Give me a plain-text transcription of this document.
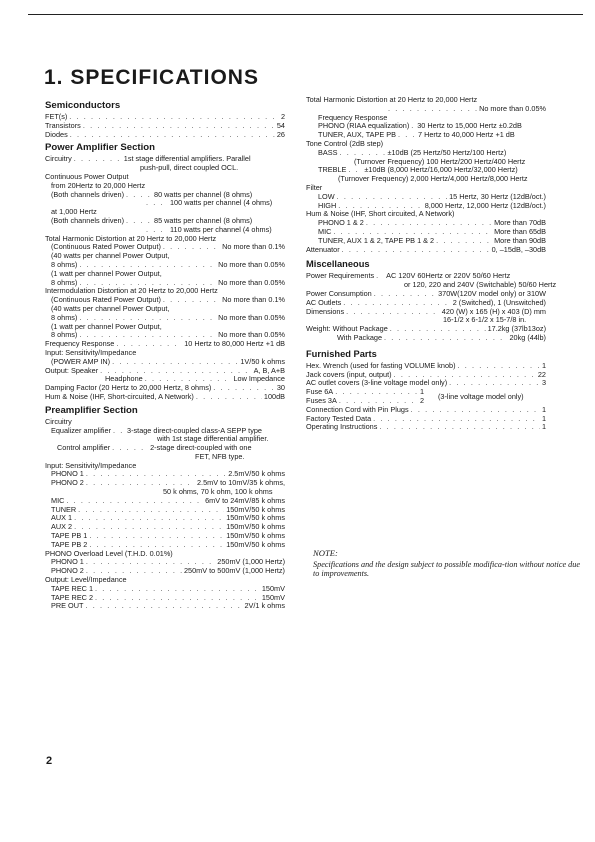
1. SPECIFICATIONS
Semiconductors
FET(s) . . .	2
Transistors . . .	54
Diodes . . .	26
Power Amplifier Section
Circuitry . . .	1st stage differential amplifiers. Parallel
push-pull, direct coupled OCL.
Continuous Power Output
from 20Hertz to 20,000 Hertz
(Both channels driven) . . .	80 watts per channel (8 ohms)
. . .
100 watts per channel (4 ohms)
at 1,000 Hertz
(Both channels driven) . . .	85 watts per channel (8 ohms)
. . .
110 watts per channel (4 ohms)
Total Harmonic Distortion at 20 Hertz to 20,000 Hertz
(Continuous Rated Power Output) . . .	No more than 0.1%
(40 watts per channel Power Output,
8 ohms) . . .	No more than 0.05%
(1 watt per channel Power Output,
8 ohms) . . .	No more than 0.05%
Intermodulation Distortion at 20 Hertz to 20,000 Hertz
(Continuous Rated Power Output) . . .	No more than 0.1%
(40 watts per channel Power Output,
8 ohms) . . .	No more than 0.05%
(1 watt per channel Power Output,
8 ohms) . . .	No more than 0.05%
Frequency Response . . .	10 Hertz to 80,000 Hertz +1 dB
Input: Sensitivity/Impedance
(POWER AMP IN) . . .	1V/50 k ohms
Output: Speaker . . .	A, B, A+B
Headphone . . .	Low Impedance
Damping Factor (20 Hertz to 20,000 Hertz, 8 ohms) . . .	30
Hum & Noise (IHF, Short-circuited, A Network) . . .	100dB
Preamplifier Section
Circuitry
Equalizer amplifier . . . 3-stage direct-coupled class-A SEPP type
with 1st stage differential amplifier.
Control amplifier . . .	2-stage direct-coupled with one
FET, NFB type.
Input: Sensitivity/Impedance
PHONO 1 . . .	2.5mV/50 k ohms
PHONO 2 . . .	2.5mV to 10mV/35 k ohms,
50 k ohms, 70 k ohm, 100 k ohms
MIC . . .	6mV to 24mV/85 k ohms
TUNER . . .	150mV/50 k ohms
AUX 1 . . .	150mV/50 k ohms
AUX 2 . . .	150mV/50 k ohms
TAPE PB 1 . . .	150mV/50 k ohms
TAPE PB 2 . . .	150mV/50 k ohms
PHONO Overload Level (T.H.D. 0.01%)
PHONO 1 . . .	250mV (1,000 Hertz)
PHONO 2 . . .	250mV to 500mV (1,000 Hertz)
Output: Level/Impedance
TAPE REC 1 . . .	150mV
TAPE REC 2 . . .	150mV
PRE OUT . . .	2V/1 k ohms
Total Harmonic Distortion at 20 Hertz to 20,000 Hertz
. . .
No more than 0.05%
Frequency Response
PHONO (RIAA equalization) . . . 30 Hertz to 15,000 Hertz ±0.2dB
TUNER, AUX, TAPE PB . . .	7 Hertz to 40,000 Hertz +1 dB
Tone Control (2dB step)
BASS . . .	±10dB (25 Hertz/50 Hertz/100 Hertz)
(Turnover Frequency) 100 Hertz/200 Hertz/400 Hertz
TREBLE . . . ±10dB (8,000 Hertz/16,000 Hertz/32,000 Hertz)
(Turnover Frequency) 2,000 Hertz/4,000 Hertz/8,000 Hertz
Filter
LOW . . .	15 Hertz, 30 Hertz (12dB/oct.)
HIGH . . .	8,000 Hertz, 12,000 Hertz (12dB/oct.)
Hum & Noise (IHF, Short circuited, A Network)
PHONO 1 & 2 . . .	More than 70dB
MIC . . .	More than 65dB
TUNER, AUX 1 & 2, TAPE PB 1 & 2 . . .	More than 90dB
Attenuator . . .	0, –15dB, –30dB
Miscellaneous
Power Requirements . . . AC 120V 60Hertz or 220V 50/60 Hertz
or 120, 220 and 240V (Switchable) 50/60 Hertz
Power Consumption . . .	370W(120V model only) or 310W
AC Outlets . . .	2 (Switched), 1 (Unswitched)
Dimensions . . .	420 (W) x 165 (H) x 403 (D) mm
16-1/2 x 6-1/2 x 15-7/8 in.
Weight: Without Package . . .	17.2kg (37lb13oz)
With Package . . .	20kg (44lb)
Furnished Parts
Hex. Wrench (used for fasting VOLUME knob) . . .	1
Jack covers (input, output) . . .	22
AC outlet covers (3-line voltage model only) . . .	3
Fuse 6A . . .	1
Fuses 3A . . .	2	(3-line voltage model only)
Connection Cord with Pin Plugs . . .	1
Factory Tested Data . . .	1
Operating Instructions . . .	1
NOTE:
Specifications and the design subject to possible modifica-tion without notice due to improvements.
2
